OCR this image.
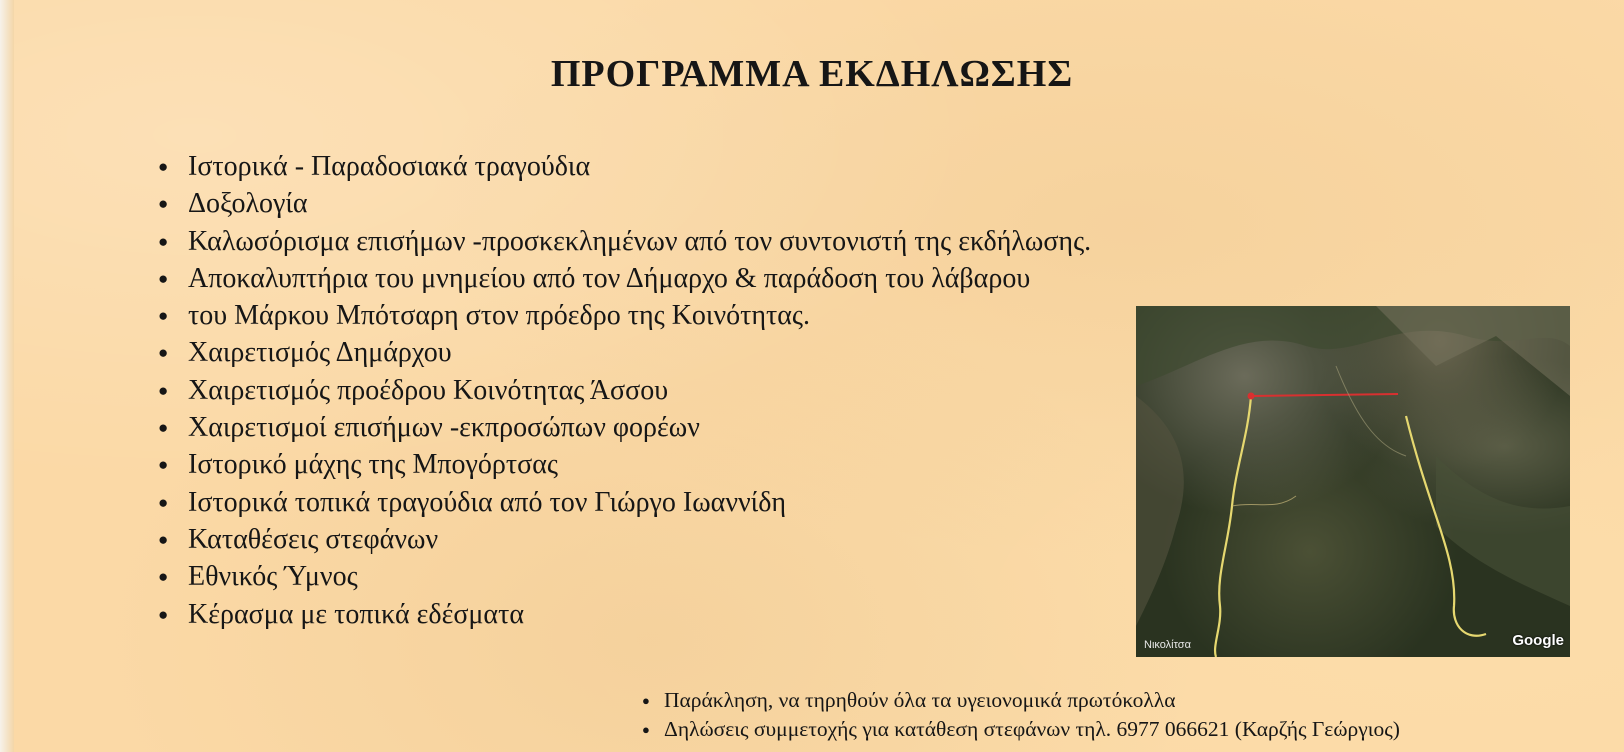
ΠΡΟΓΡΑΜΜΑ ΕΚΔΗΛΩΣΗΣ
● Ιστορικά - Παραδοσιακά τραγούδια
● Δοξολογία
● Καλωσόρισμα επισήμων -προσκεκλημένων από τον συντονιστή της εκδήλωσης.
● Αποκαλυπτήρια του μνημείου από τον Δήμαρχο & παράδοση του λάβαρου
● του Μάρκου Μπότσαρη στον πρόεδρο της Κοινότητας.
● Χαιρετισμός Δημάρχου
● Χαιρετισμός προέδρου Κοινότητας Άσσου
● Χαιρετισμοί επισήμων -εκπροσώπων φορέων
● Ιστορικό μάχης της Μπογόρτσας
● Ιστορικά τοπικά τραγούδια από τον Γιώργο Ιωαννίδη
● Καταθέσεις στεφάνων
● Εθνικός Ύμνος
● Κέρασμα με τοπικά εδέσματα
Νικολίτσα	Google
● Παράκληση, να τηρηθούν όλα τα υγειονομικά πρωτόκολλα
● Δηλώσεις συμμετοχής για κατάθεση στεφάνων τηλ. 6977 066621 (Καρζής Γεώργιος)
